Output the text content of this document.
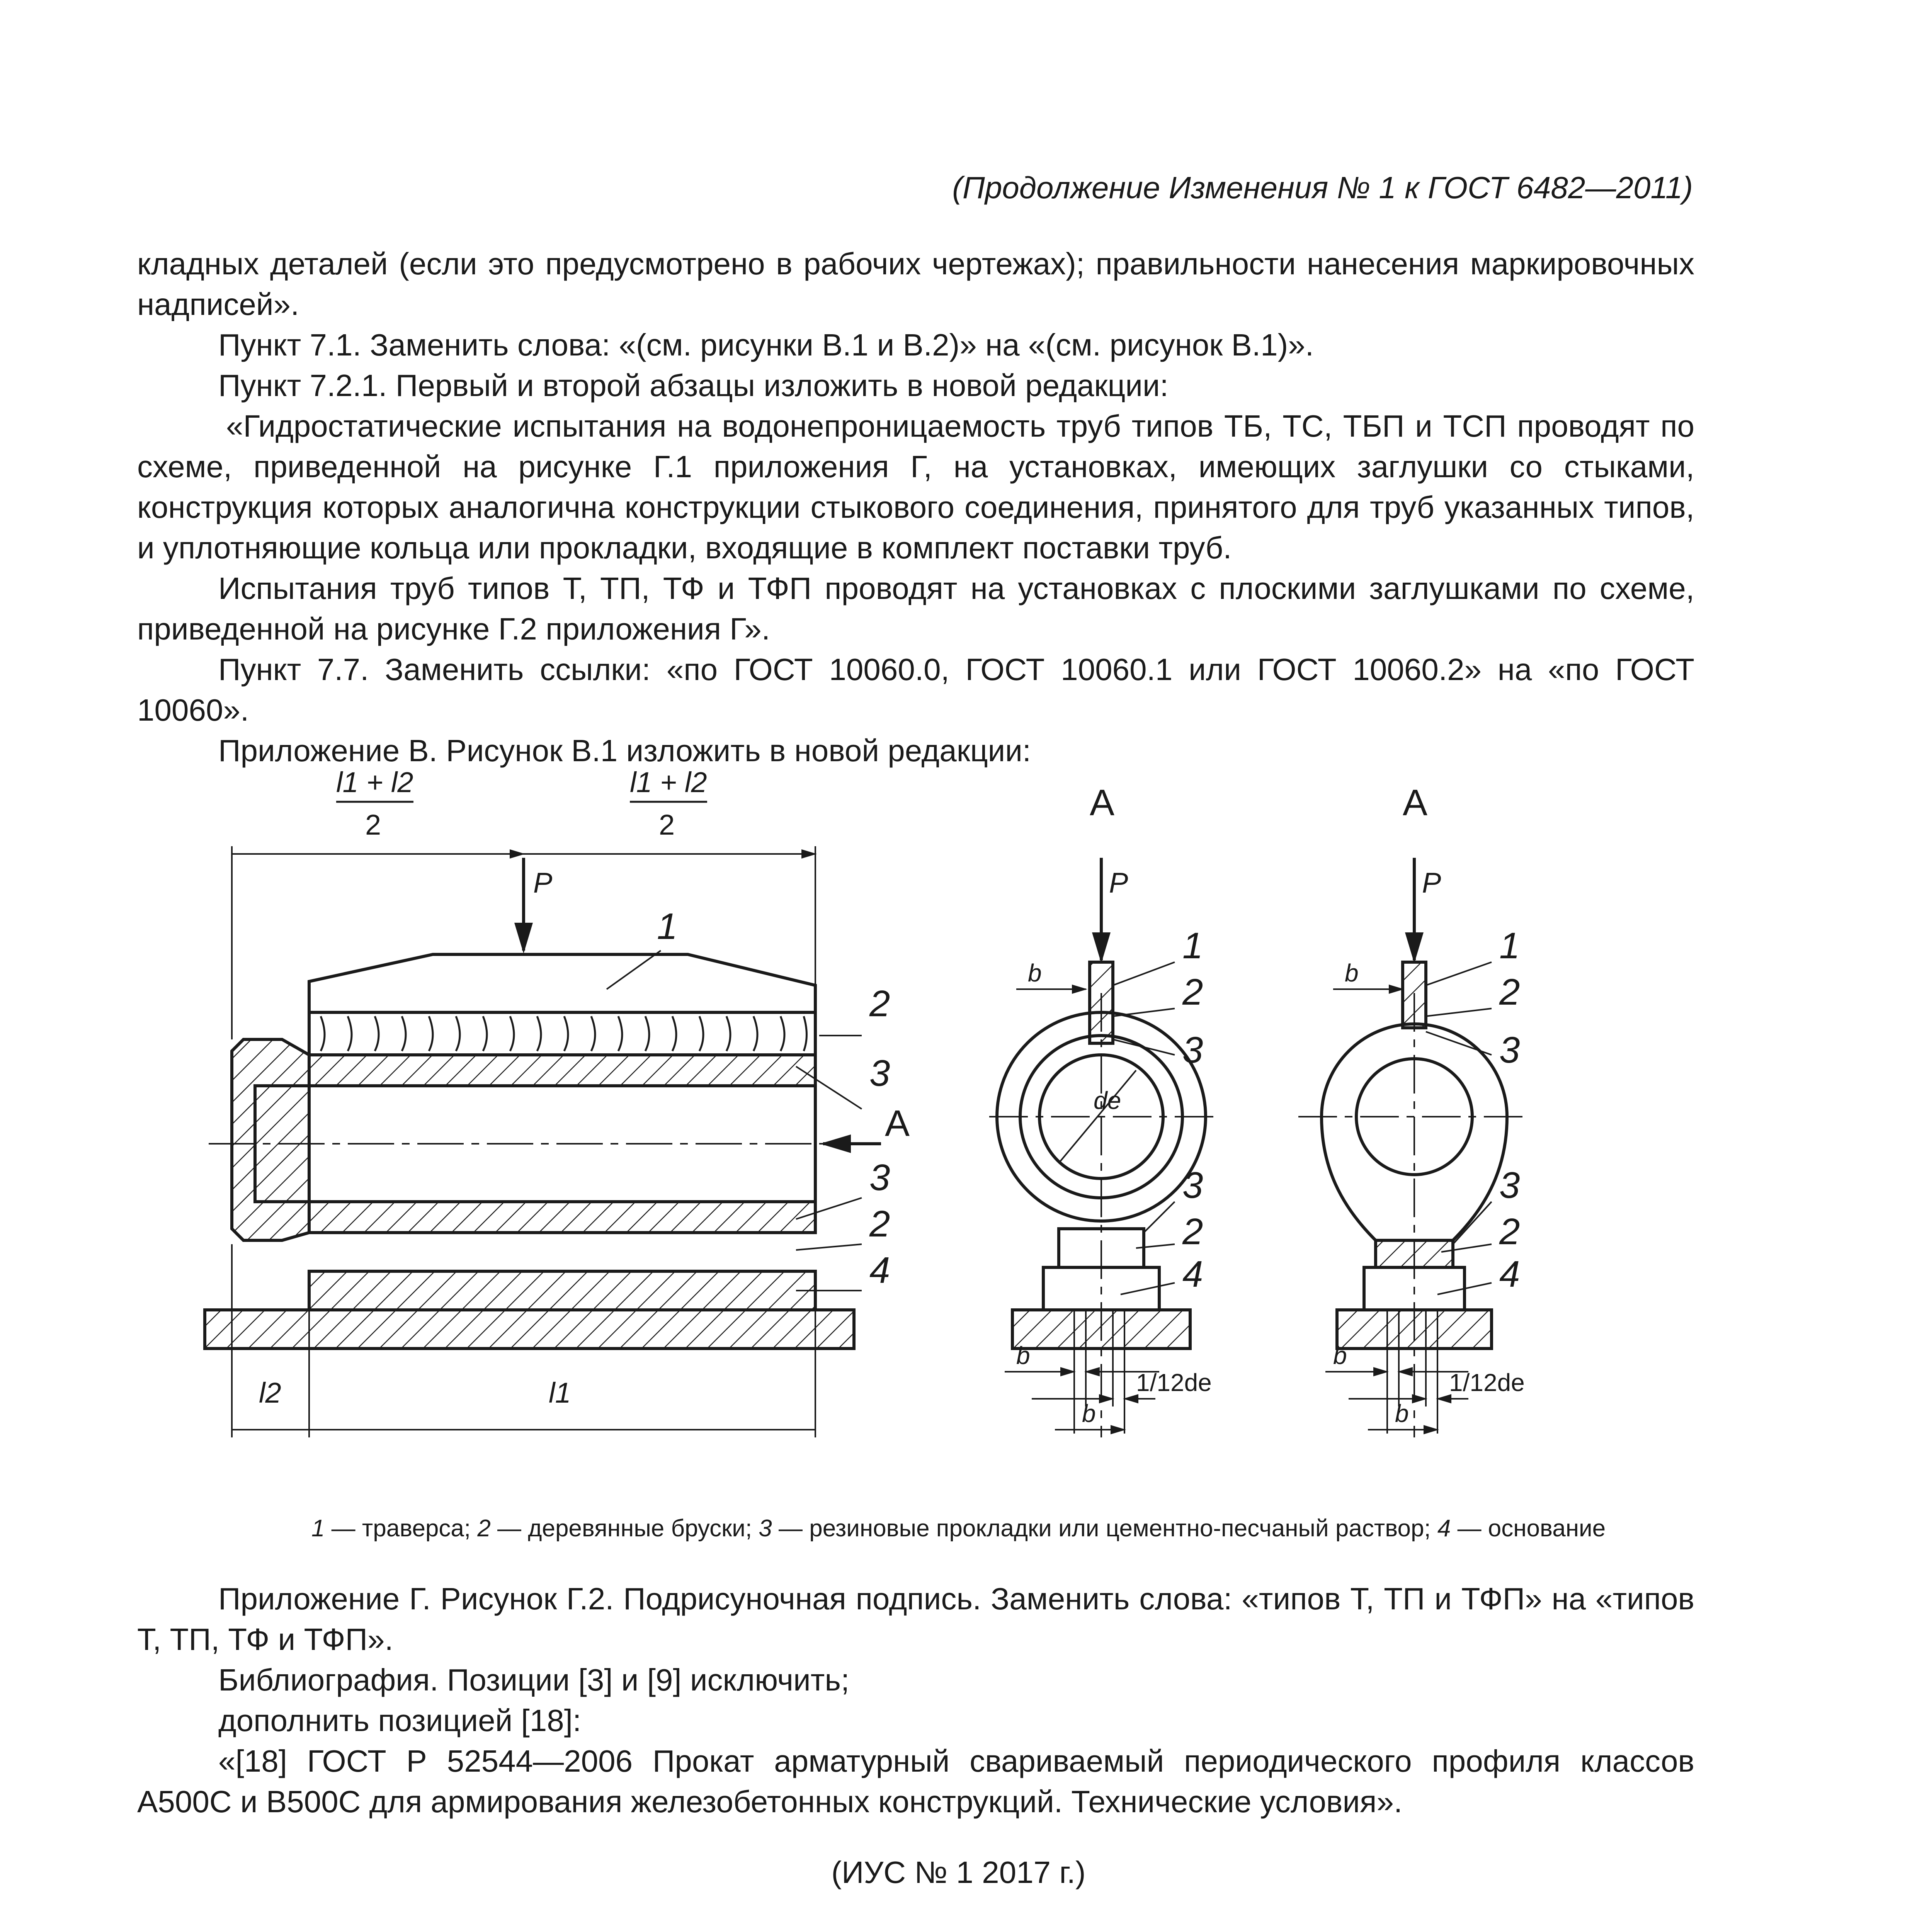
(Продолжение Изменения № 1 к ГОСТ 6482—2011)

кладных деталей (если это предусмотрено в рабочих чертежах); правильности нанесения маркировочных надписей».

Пункт 7.1. Заменить слова: «(см. рисунки В.1 и В.2)» на «(см. рисунок В.1)».

Пункт 7.2.1. Первый и второй абзацы изложить в новой редакции:

«Гидростатические испытания на водонепроницаемость труб типов ТБ, ТС, ТБП и ТСП проводят по схеме, приведенной на рисунке Г.1 приложения Г, на установках, имеющих заглушки со стыками, конструкция которых аналогична конструкции стыкового соединения, принятого для труб указанных типов, и уплотняющие кольца или прокладки, входящие в комплект поставки труб.

Испытания труб типов Т, ТП, ТФ и ТФП проводят на установках с плоскими заглушками по схеме, приведенной на рисунке Г.2 приложения Г».

Пункт 7.7. Заменить ссылки: «по ГОСТ 10060.0, ГОСТ 10060.1 или ГОСТ 10060.2» на «по ГОСТ 10060».

Приложение В. Рисунок В.1 изложить в новой редакции:

l1 + l2
2
l1 + l2
2
P
1
2
3
A
3
2
4
l2	l1
A
P
1
2
3
3
2
4
b
de
b
1/12de
b
A
P
1
2
3
3
2
4
b
b
1/12de
b
1 — траверса; 2 — деревянные бруски; 3 — резиновые прокладки или цементно-песчаный раствор; 4 — основание

Приложение Г. Рисунок Г.2. Подрисуночная подпись. Заменить слова: «типов Т, ТП и ТФП» на «типов Т, ТП, ТФ и ТФП».

Библиография. Позиции [3] и [9] исключить;

дополнить позицией [18]:

«[18] ГОСТ Р 52544—2006 Прокат арматурный свариваемый периодического профиля классов А500С и В500С для армирования железобетонных конструкций. Технические условия».

(ИУС № 1 2017 г.)
